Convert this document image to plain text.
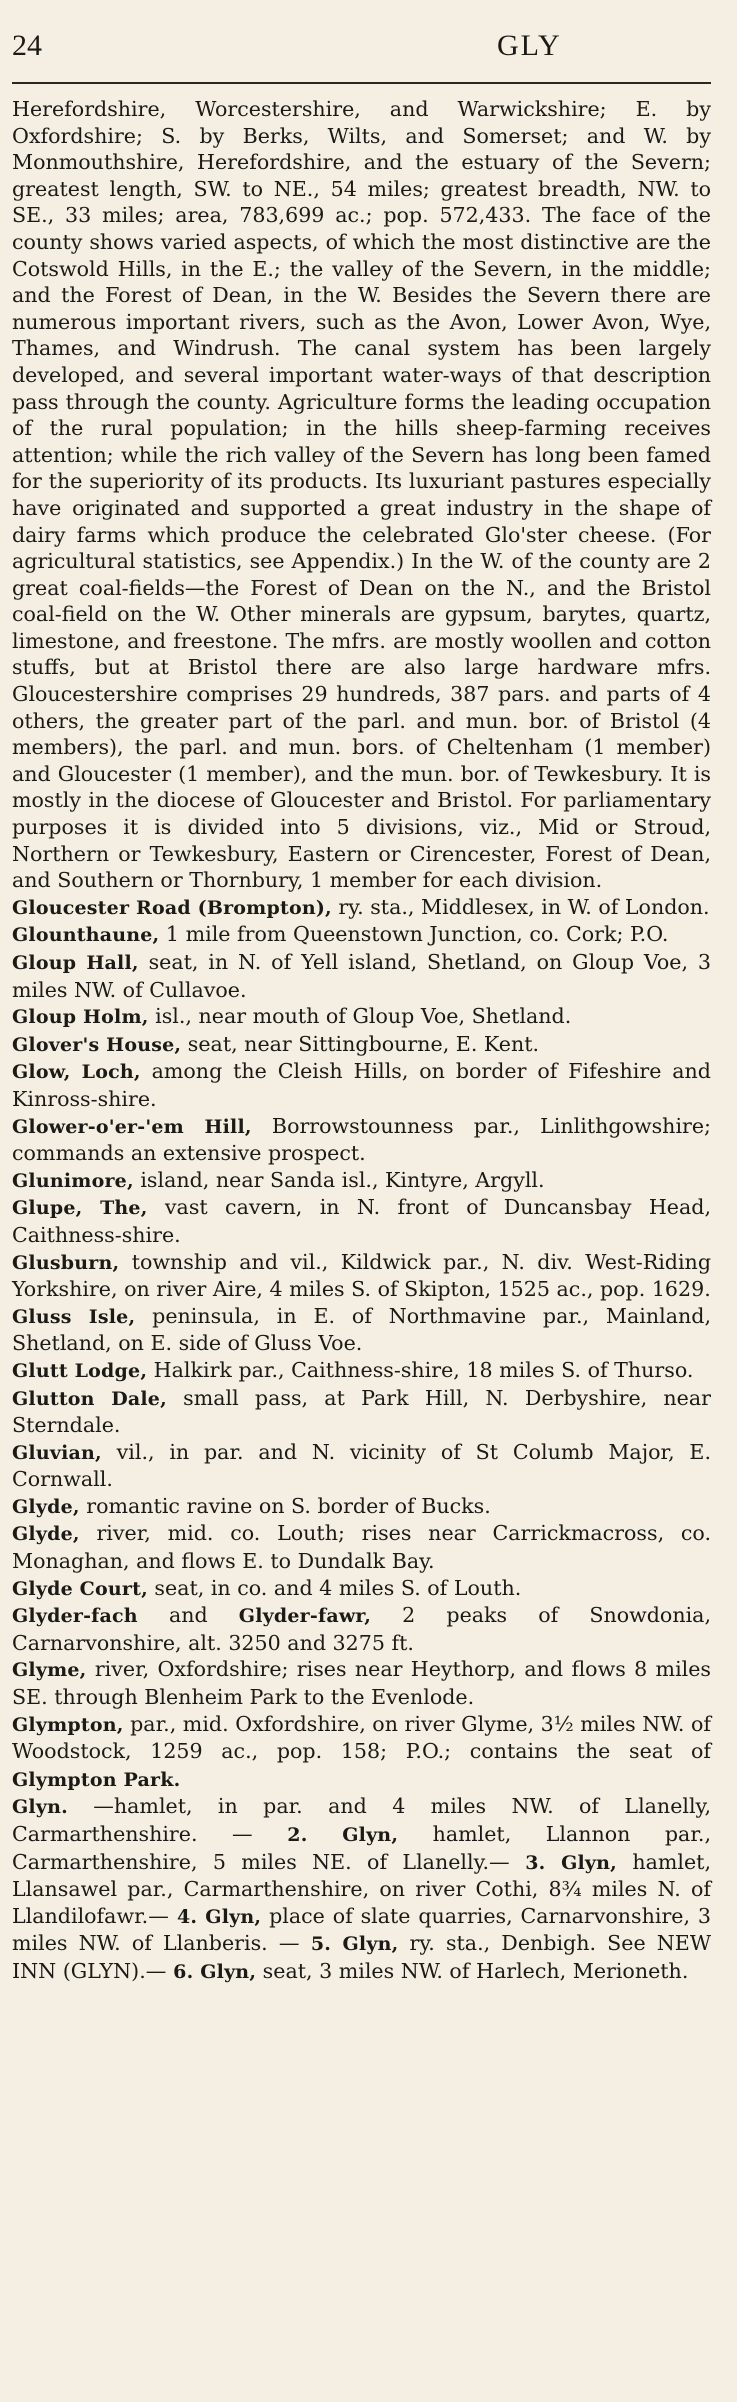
24	GLY

Herefordshire, Worcestershire, and Warwickshire; E. by Oxfordshire; S. by Berks, Wilts, and Somerset; and W. by Monmouthshire, Herefordshire, and the estuary of the Severn; greatest length, SW. to NE., 54 miles; greatest breadth, NW. to SE., 33 miles; area, 783,699 ac.; pop. 572,433. The face of the county shows varied aspects, of which the most distinctive are the Cotswold Hills, in the E.; the valley of the Severn, in the middle; and the Forest of Dean, in the W. Besides the Severn there are numerous important rivers, such as the Avon, Lower Avon, Wye, Thames, and Windrush. The canal system has been largely developed, and several important water-ways of that description pass through the county. Agriculture forms the leading occupation of the rural population; in the hills sheep-farming receives attention; while the rich valley of the Severn has long been famed for the superiority of its products. Its luxuriant pastures especially have originated and supported a great industry in the shape of dairy farms which produce the celebrated Glo'ster cheese. (For agricultural statistics, see Appendix.) In the W. of the county are 2 great coal-fields—the Forest of Dean on the N., and the Bristol coal-field on the W. Other minerals are gypsum, barytes, quartz, limestone, and freestone. The mfrs. are mostly woollen and cotton stuffs, but at Bristol there are also large hardware mfrs. Gloucestershire comprises 29 hundreds, 387 pars. and parts of 4 others, the greater part of the parl. and mun. bor. of Bristol (4 members), the parl. and mun. bors. of Cheltenham (1 member) and Gloucester (1 member), and the mun. bor. of Tewkesbury. It is mostly in the diocese of Gloucester and Bristol. For parliamentary purposes it is divided into 5 divisions, viz., Mid or Stroud, Northern or Tewkesbury, Eastern or Cirencester, Forest of Dean, and Southern or Thornbury, 1 member for each division.

Gloucester Road (Brompton), ry. sta., Middlesex, in W. of London.

Glounthaune, 1 mile from Queenstown Junction, co. Cork; P.O.

Gloup Hall, seat, in N. of Yell island, Shetland, on Gloup Voe, 3 miles NW. of Cullavoe.

Gloup Holm, isl., near mouth of Gloup Voe, Shetland.

Glover's House, seat, near Sittingbourne, E. Kent.

Glow, Loch, among the Cleish Hills, on border of Fifeshire and Kinross-shire.

Glower-o'er-'em Hill, Borrowstounness par., Linlithgowshire; commands an extensive prospect.

Glunimore, island, near Sanda isl., Kintyre, Argyll.

Glupe, The, vast cavern, in N. front of Duncansbay Head, Caithness-shire.

Glusburn, township and vil., Kildwick par., N. div. West-Riding Yorkshire, on river Aire, 4 miles S. of Skipton, 1525 ac., pop. 1629.

Gluss Isle, peninsula, in E. of Northmavine par., Mainland, Shetland, on E. side of Gluss Voe.

Glutt Lodge, Halkirk par., Caithness-shire, 18 miles S. of Thurso.

Glutton Dale, small pass, at Park Hill, N. Derbyshire, near Sterndale.

Gluvian, vil., in par. and N. vicinity of St Columb Major, E. Cornwall.

Glyde, romantic ravine on S. border of Bucks.

Glyde, river, mid. co. Louth; rises near Carrickmacross, co. Monaghan, and flows E. to Dundalk Bay.

Glyde Court, seat, in co. and 4 miles S. of Louth.

Glyder-fach and Glyder-fawr, 2 peaks of Snowdonia, Carnarvonshire, alt. 3250 and 3275 ft.

Glyme, river, Oxfordshire; rises near Heythorp, and flows 8 miles SE. through Blenheim Park to the Evenlode.

Glympton, par., mid. Oxfordshire, on river Glyme, 3½ miles NW. of Woodstock, 1259 ac., pop. 158; P.O.; contains the seat of Glympton Park.

Glyn. —hamlet, in par. and 4 miles NW. of Llanelly, Carmarthenshire. — 2. Glyn, hamlet, Llannon par., Carmarthenshire, 5 miles NE. of Llanelly.— 3. Glyn, hamlet, Llansawel par., Carmarthenshire, on river Cothi, 8¾ miles N. of Llandilofawr.— 4. Glyn, place of slate quarries, Carnarvonshire, 3 miles NW. of Llanberis. — 5. Glyn, ry. sta., Denbigh. See NEW INN (GLYN).— 6. Glyn, seat, 3 miles NW. of Harlech, Merioneth.
